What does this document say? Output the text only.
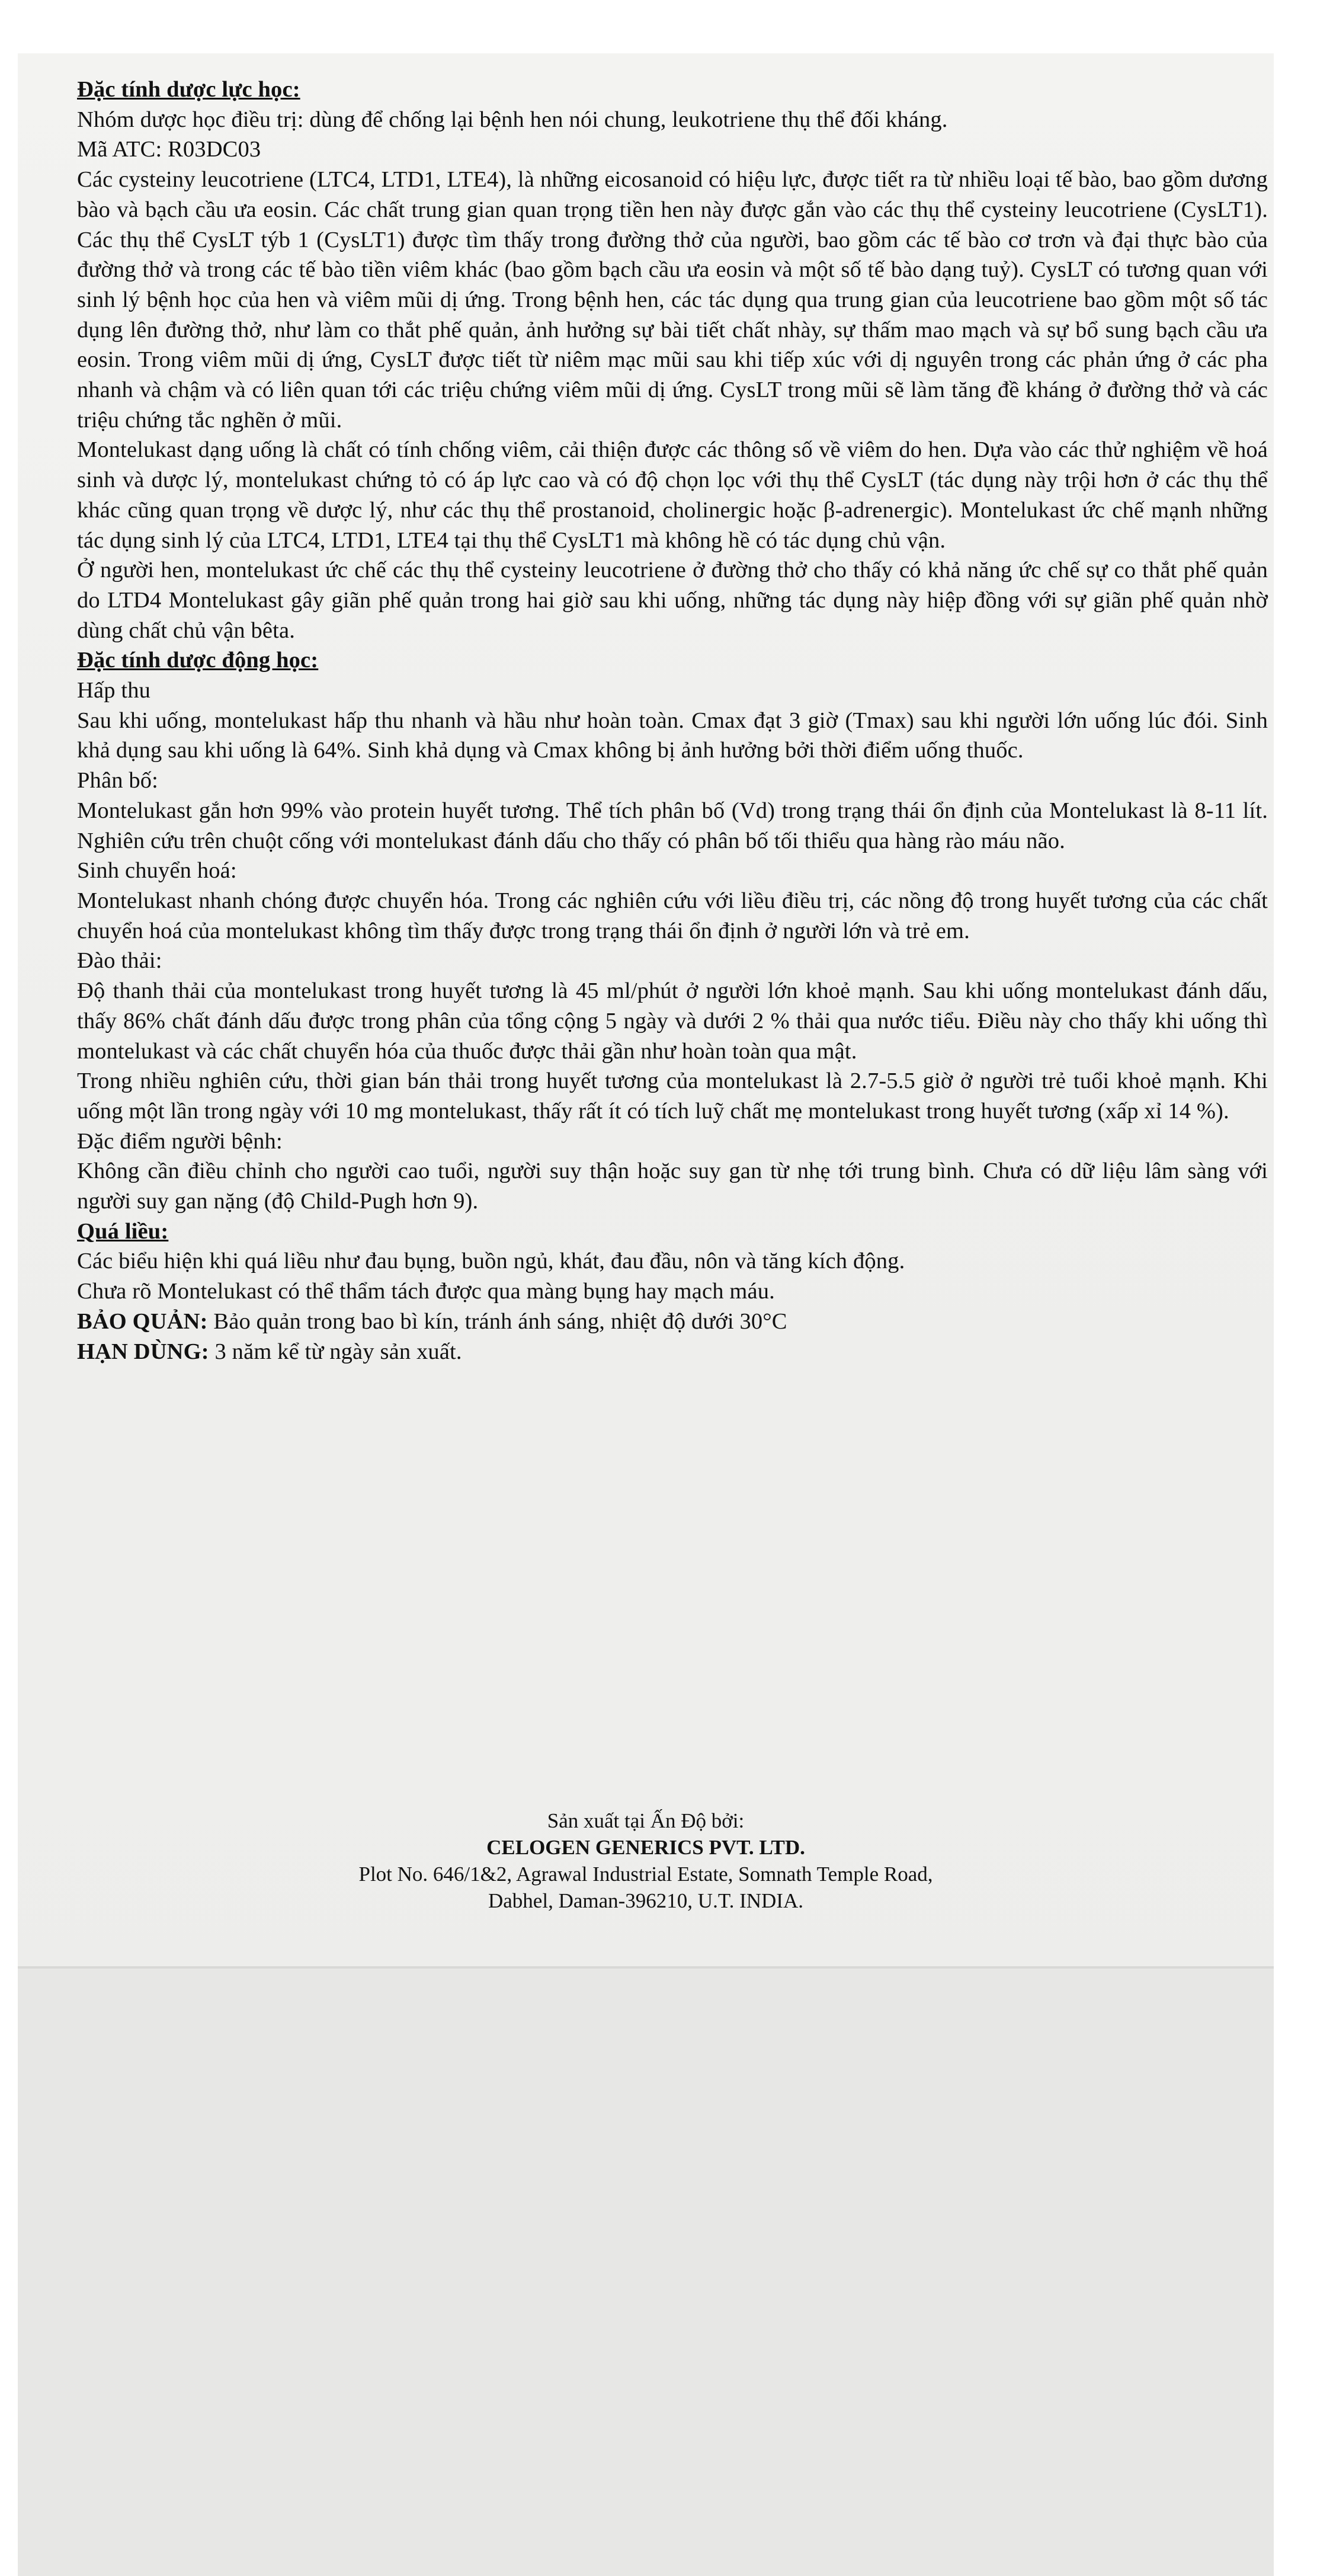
Đặc tính dược lực học:

Nhóm dược học điều trị: dùng để chống lại bệnh hen nói chung, leukotriene thụ thể đối kháng.

Mã ATC: R03DC03

Các cysteiny leucotriene (LTC4, LTD1, LTE4), là những eicosanoid có hiệu lực, được tiết ra từ nhiều loại tế bào, bao gồm dương bào và bạch cầu ưa eosin. Các chất trung gian quan trọng tiền hen này được gắn vào các thụ thể cysteiny leucotriene (CysLT1). Các thụ thể CysLT týb 1 (CysLT1) được tìm thấy trong đường thở của người, bao gồm các tế bào cơ trơn và đại thực bào của đường thở và trong các tế bào tiền viêm khác (bao gồm bạch cầu ưa eosin và một số tế bào dạng tuỷ). CysLT có tương quan với sinh lý bệnh học của hen và viêm mũi dị ứng. Trong bệnh hen, các tác dụng qua trung gian của leucotriene bao gồm một số tác dụng lên đường thở, như làm co thắt phế quản, ảnh hưởng sự bài tiết chất nhày, sự thấm mao mạch và sự bổ sung bạch cầu ưa eosin. Trong viêm mũi dị ứng, CysLT được tiết từ niêm mạc mũi sau khi tiếp xúc với dị nguyên trong các phản ứng ở các pha nhanh và chậm và có liên quan tới các triệu chứng viêm mũi dị ứng. CysLT trong mũi sẽ làm tăng đề kháng ở đường thở và các triệu chứng tắc nghẽn ở mũi.

Montelukast dạng uống là chất có tính chống viêm, cải thiện được các thông số về viêm do hen. Dựa vào các thử nghiệm về hoá sinh và dược lý, montelukast chứng tỏ có áp lực cao và có độ chọn lọc với thụ thể CysLT (tác dụng này trội hơn ở các thụ thể khác cũng quan trọng về dược lý, như các thụ thể prostanoid, cholinergic hoặc β-adrenergic). Montelukast ức chế mạnh những tác dụng sinh lý của LTC4, LTD1, LTE4 tại thụ thể CysLT1 mà không hề có tác dụng chủ vận.

Ở người hen, montelukast ức chế các thụ thể cysteiny leucotriene ở đường thở cho thấy có khả năng ức chế sự co thắt phế quản do LTD4 Montelukast gây giãn phế quản trong hai giờ sau khi uống, những tác dụng này hiệp đồng với sự giãn phế quản nhờ dùng chất chủ vận bêta.

Đặc tính dược động học:

Hấp thu

Sau khi uống, montelukast hấp thu nhanh và hầu như hoàn toàn. Cmax đạt 3 giờ (Tmax) sau khi người lớn uống lúc đói. Sinh khả dụng sau khi uống là 64%. Sinh khả dụng và Cmax không bị ảnh hưởng bởi thời điểm uống thuốc.

Phân bố:

Montelukast gắn hơn 99% vào protein huyết tương. Thể tích phân bố (Vd) trong trạng thái ổn định của Montelukast là 8-11 lít. Nghiên cứu trên chuột cống với montelukast đánh dấu cho thấy có phân bố tối thiểu qua hàng rào máu não.

Sinh chuyển hoá:

Montelukast nhanh chóng được chuyển hóa. Trong các nghiên cứu với liều điều trị, các nồng độ trong huyết tương của các chất chuyển hoá của montelukast không tìm thấy được trong trạng thái ổn định ở người lớn và trẻ em.

Đào thải:

Độ thanh thải của montelukast trong huyết tương là 45 ml/phút ở người lớn khoẻ mạnh. Sau khi uống montelukast đánh dấu, thấy 86% chất đánh dấu được trong phân của tổng cộng 5 ngày và dưới 2 % thải qua nước tiểu. Điều này cho thấy khi uống thì montelukast và các chất chuyển hóa của thuốc được thải gần như hoàn toàn qua mật.

Trong nhiều nghiên cứu, thời gian bán thải trong huyết tương của montelukast là 2.7-5.5 giờ ở người trẻ tuổi khoẻ mạnh. Khi uống một lần trong ngày với 10 mg montelukast, thấy rất ít có tích luỹ chất mẹ montelukast trong huyết tương (xấp xỉ 14 %).

Đặc điểm người bệnh:

Không cần điều chỉnh cho người cao tuổi, người suy thận hoặc suy gan từ nhẹ tới trung bình. Chưa có dữ liệu lâm sàng với người suy gan nặng (độ Child-Pugh hơn 9).

Quá liều:

Các biểu hiện khi quá liều như đau bụng, buồn ngủ, khát, đau đầu, nôn và tăng kích động.

Chưa rõ Montelukast có thể thẩm tách được qua màng bụng hay mạch máu.

BẢO QUẢN: Bảo quản trong bao bì kín, tránh ánh sáng, nhiệt độ dưới 30°C

HẠN DÙNG: 3 năm kể từ ngày sản xuất.

Sản xuất tại Ấn Độ bởi:
CELOGEN GENERICS PVT. LTD.
Plot No. 646/1&2, Agrawal Industrial Estate, Somnath Temple Road,
Dabhel, Daman-396210, U.T. INDIA.
